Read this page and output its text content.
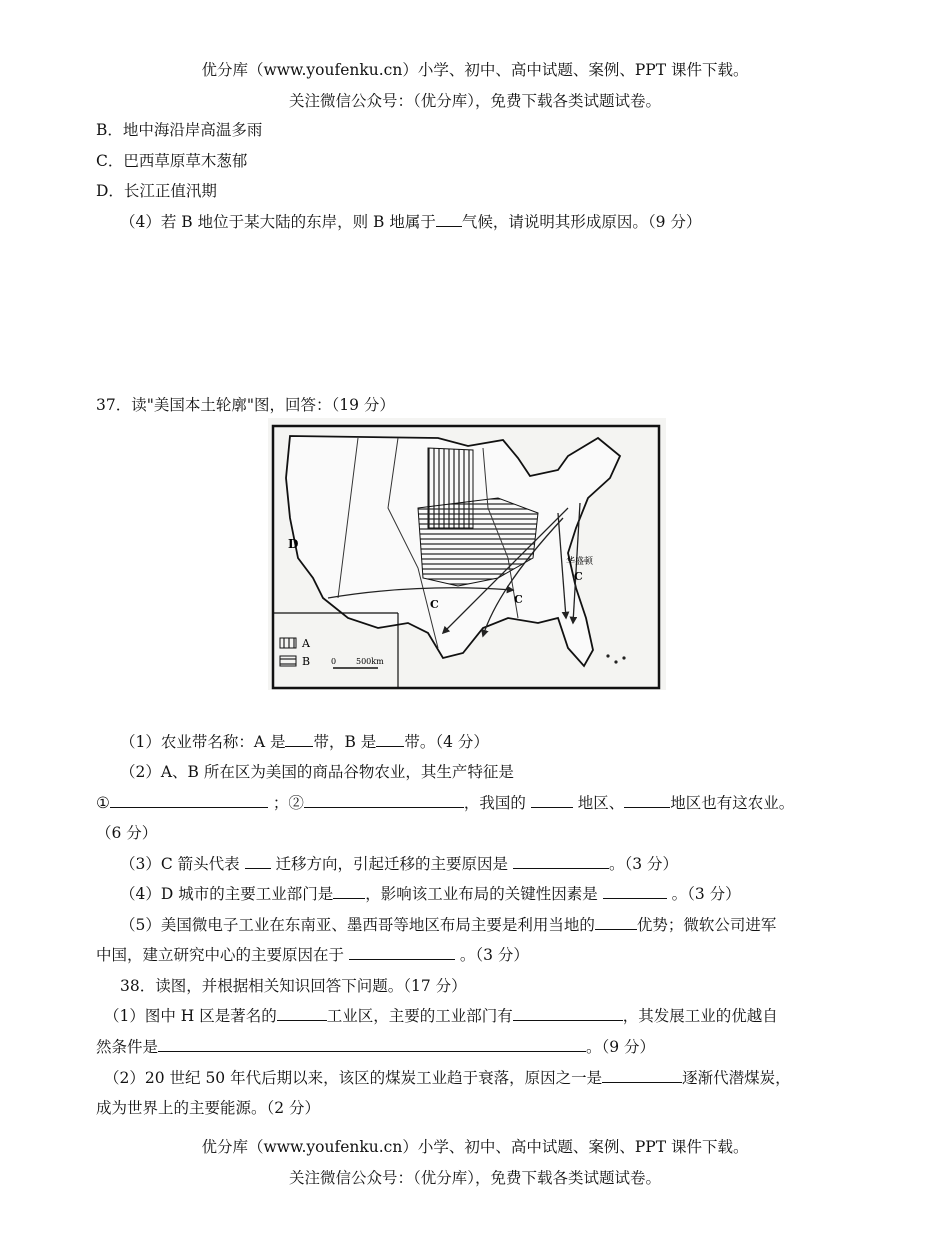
优分库（www.youfenku.cn）小学、初中、高中试题、案例、PPT 课件下载。
关注微信公众号：（优分库），免费下载各类试题试卷。
B．地中海沿岸高温多雨
C．巴西草原草木葱郁
D．长江正值汛期
（4）若 B 地位于某大陆的东岸，则 B 地属于 气候，请说明其形成原因。（9 分）
37．读"美国本土轮廓"图，回答：（19 分）
D
C	C
C
华盛顿
A
B	0 500km
（1）农业带名称：A 是 带，B 是 带。（4 分）
（2）A、B 所在区为美国的商品谷物农业，其生产特征是
①	；②	，我国的	地区、	地区也有这农业。
（6 分）
（3）C 箭头代表 迁移方向，引起迁移的主要原因是	。（3 分）
（4）D 城市的主要工业部门是 ，影响该工业布局的关键性因素是	。（3 分）
（5）美国微电子工业在东南亚、墨西哥等地区布局主要是利用当地的	优势；微软公司进军
中国，建立研究中心的主要原因在于	。（3 分）
38．读图，并根据相关知识回答下问题。（17 分）
（1）图中 H 区是著名的	工业区，主要的工业部门有	，其发展工业的优越自
然条件是	。（9 分）
（2）20 世纪 50 年代后期以来，该区的煤炭工业趋于衰落，原因之一是	逐渐代潜煤炭，
成为世界上的主要能源。（2 分）
优分库（www.youfenku.cn）小学、初中、高中试题、案例、PPT 课件下载。
关注微信公众号：（优分库），免费下载各类试题试卷。
